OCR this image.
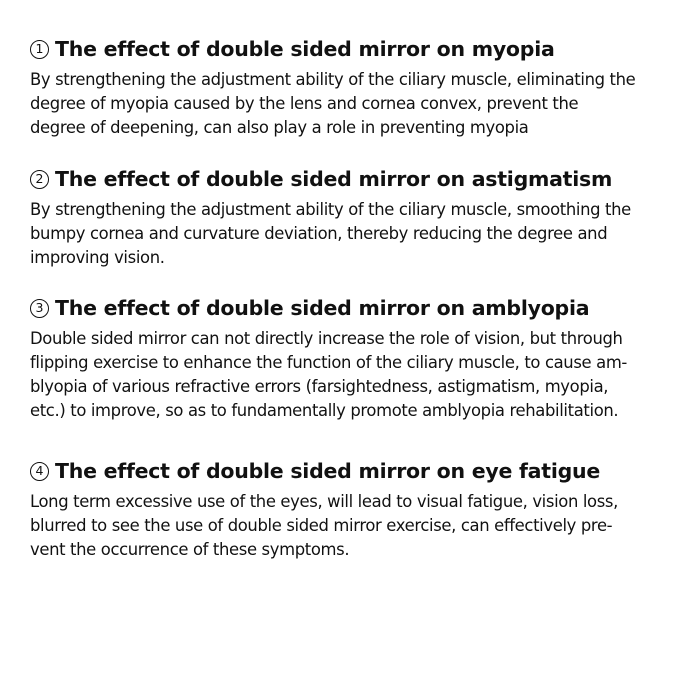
1 The effect of double sided mirror on myopia

By strengthening the adjustment ability of the ciliary muscle, eliminating the

degree of myopia caused by the lens and cornea convex, prevent the

degree of deepening, can also play a role in preventing myopia

2 The effect of double sided mirror on astigmatism

By strengthening the adjustment ability of the ciliary muscle, smoothing the

bumpy cornea and curvature deviation, thereby reducing the degree and

improving vision.

3 The effect of double sided mirror on amblyopia

Double sided mirror can not directly increase the role of vision, but through

flipping exercise to enhance the function of the ciliary muscle, to cause am-

blyopia of various refractive errors (farsightedness, astigmatism, myopia,

etc.) to improve, so as to fundamentally promote amblyopia rehabilitation.

4 The effect of double sided mirror on eye fatigue

Long term excessive use of the eyes, will lead to visual fatigue, vision loss,

blurred to see the use of double sided mirror exercise, can effectively pre-

vent the occurrence of these symptoms.
